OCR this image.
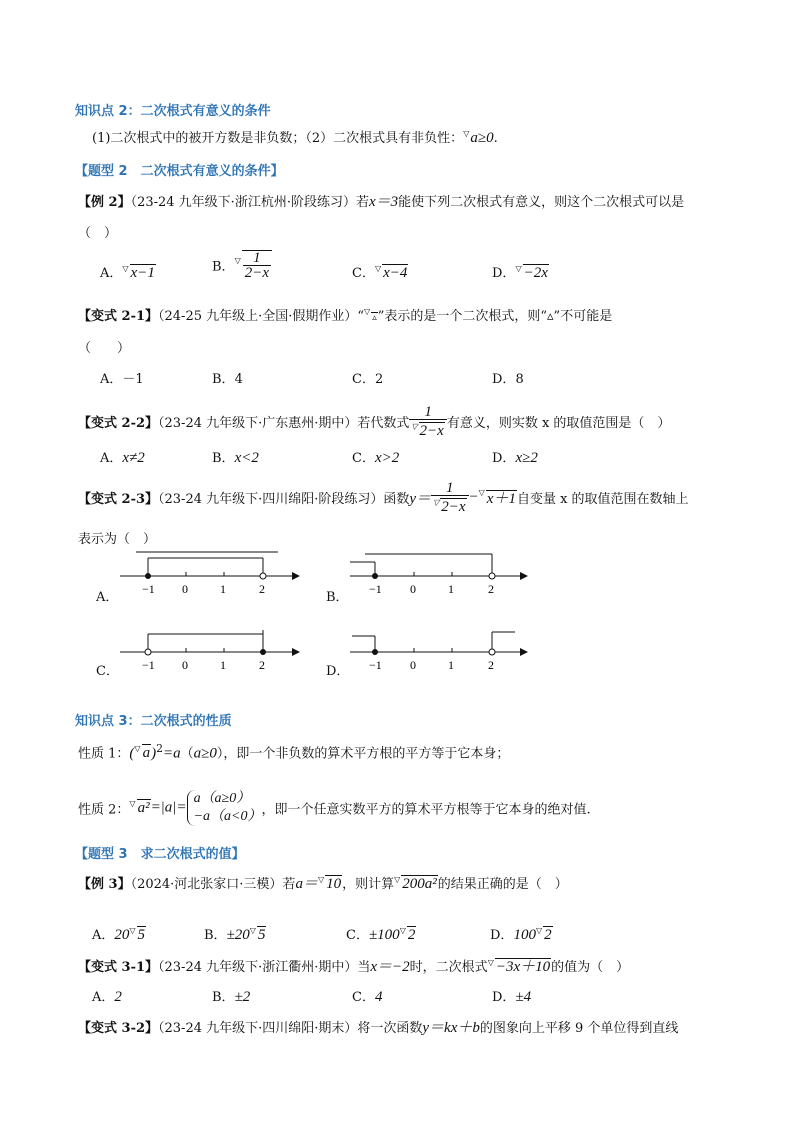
知识点 2：二次根式有意义的条件
(1)二次根式中的被开方数是非负数；（2）二次根式具有非负性：▽a≥0.
【题型 2　二次根式有意义的条件】
【例 2】（23-24 九年级下·浙江杭州·阶段练习）若x＝3能使下列二次根式有意义，则这个二次根式可以是
（　）
A．▽ x−1	B．$^▽ \frac{1}{2-x}$	C．▽ x−4	D．▽ −2x
【变式 2-1】（24-25 九年级上·全国·假期作业）“▽▵”表示的是一个二次根式，则“▵”不可能是
（　　）
A．－1	B．4	C．2	D．8
【变式 2-2】（23-24 九年级下·广东惠州·期中）若代数式 $\frac{1}{^▽ 2-x}$ 有意义，则实数 x 的取值范围是（　）
A．x≠2	B．x<2	C．x>2	D．x≥2
【变式 2-3】（23-24 九年级下·四川绵阳·阶段练习）函数$y= \frac{1}{^▽ 2-x} -^▽$ x＋1自变量 x 的取值范围在数轴上
表示为（　）
A．	B．
C．	D．
−1 0	1	2	−1 0	1	2
−1 0	1	2	−1 0	1	2
知识点 3：二次根式的性质
性质 1：(▽ a)$^2$=a（a≥0），即一个非负数的算术平方根的平方等于它本身；
性质 2：▽ a²=|a|=
a（a≥0）
−a（a<0） ，即一个任意实数平方的算术平方根等于它本身的绝对值.
【题型 3　求二次根式的值】
【例 3】（2024·河北张家口·三模）若a＝▽ 10，则计算▽ 200a²的结果正确的是（　）
A．20▽ 5	B．±20▽ 5	C．±100▽ 2	D．100▽ 2
【变式 3-1】（23-24 九年级下·浙江衢州·期中）当x＝−2时，二次根式▽ −3x＋10的值为（　）
A．2	B．±2	C．4	D．±4
【变式 3-2】（23-24 九年级下·四川绵阳·期末）将一次函数y＝kx＋b的图象向上平移 9 个单位得到直线
